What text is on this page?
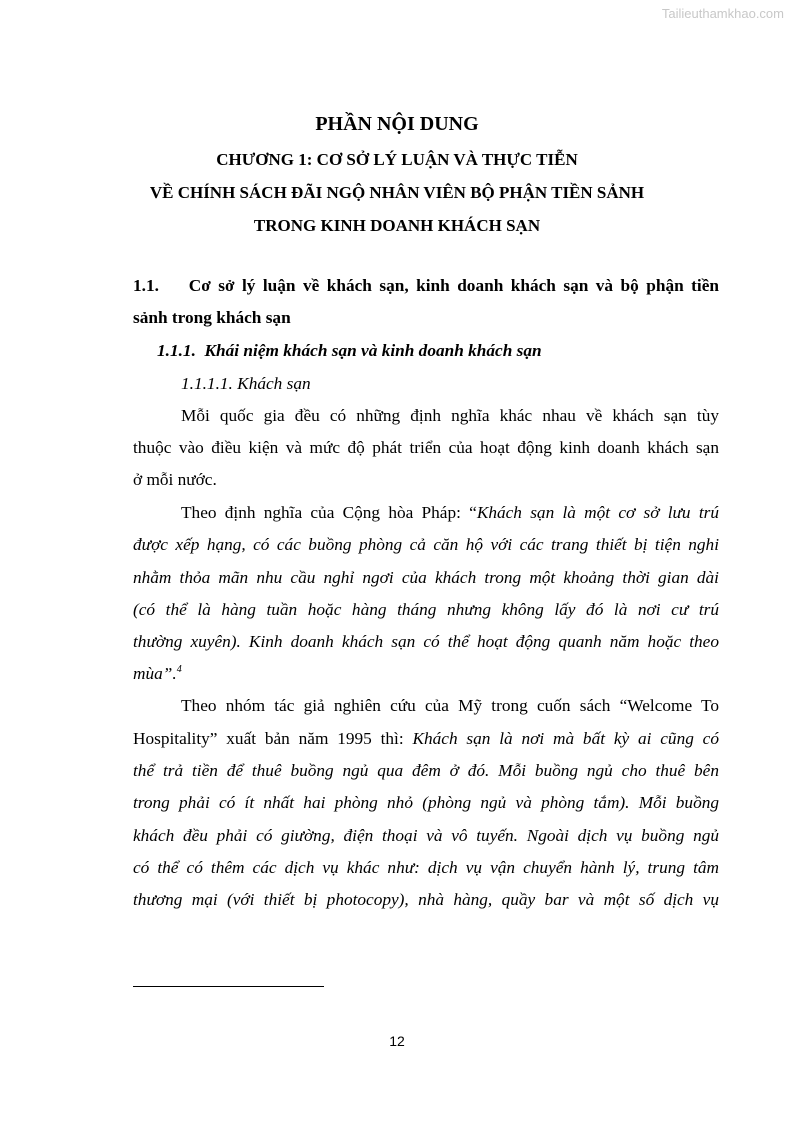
Tailieuthamkhao.com
PHẦN NỘI DUNG
CHƯƠNG 1: CƠ SỞ LÝ LUẬN VÀ THỰC TIỄN
VỀ CHÍNH SÁCH ĐÃI NGỘ NHÂN VIÊN BỘ PHẬN TIỀN SẢNH
TRONG KINH DOANH KHÁCH SẠN
1.1.    Cơ sở lý luận về khách sạn, kinh doanh khách sạn và bộ phận tiền
sảnh trong khách sạn
1.1.1.  Khái niệm khách sạn và kinh doanh khách sạn
1.1.1.1. Khách sạn
Mỗi quốc gia đều có những định nghĩa khác nhau về khách sạn tùy
thuộc vào điều kiện và mức độ phát triển của hoạt động kinh doanh khách sạn
ở mỗi nước.
Theo định nghĩa của Cộng hòa Pháp: “Khách sạn là một cơ sở lưu trú
được xếp hạng, có các buồng phòng cả căn hộ với các trang thiết bị tiện nghi
nhằm thỏa mãn nhu cầu nghỉ ngơi của khách trong một khoảng thời gian dài
(có thể là hàng tuần hoặc hàng tháng nhưng không lấy đó là nơi cư trú
thường xuyên). Kinh doanh khách sạn có thể hoạt động quanh năm hoặc theo
mùa”.$^4$
Theo nhóm tác giả nghiên cứu của Mỹ trong cuốn sách “Welcome To
Hospitality” xuất bản năm 1995 thì: Khách sạn là nơi mà bất kỳ ai cũng có
thể trả tiền để thuê buồng ngủ qua đêm ở đó. Mỗi buồng ngủ cho thuê bên
trong phải có ít nhất hai phòng nhỏ (phòng ngủ và phòng tắm). Mỗi buồng
khách đều phải có giường, điện thoại và vô tuyến. Ngoài dịch vụ buồng ngủ
có thể có thêm các dịch vụ khác như: dịch vụ vận chuyển hành lý, trung tâm
thương mại (với thiết bị photocopy), nhà hàng, quầy bar và một số dịch vụ
12
